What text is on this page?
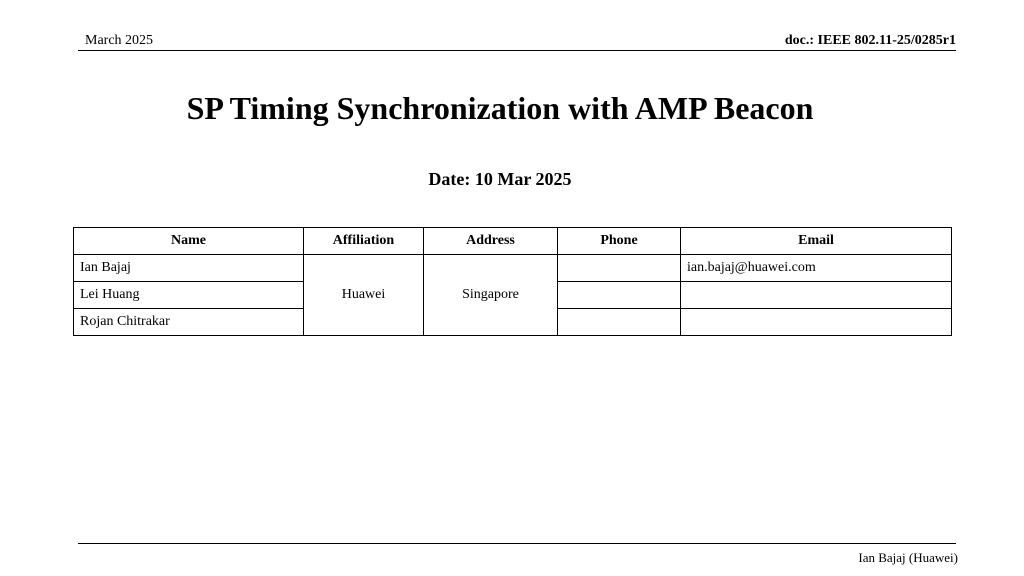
March 2025	doc.: IEEE 802.11-25/0285r1
SP Timing Synchronization with AMP Beacon
Date: 10 Mar 2025
Name	Affiliation	Address	Phone	Email
Ian Bajaj	Huawei	Singapore		ian.bajaj@huawei.com
Lei Huang				
Rojan Chitrakar				
Ian Bajaj (Huawei)
